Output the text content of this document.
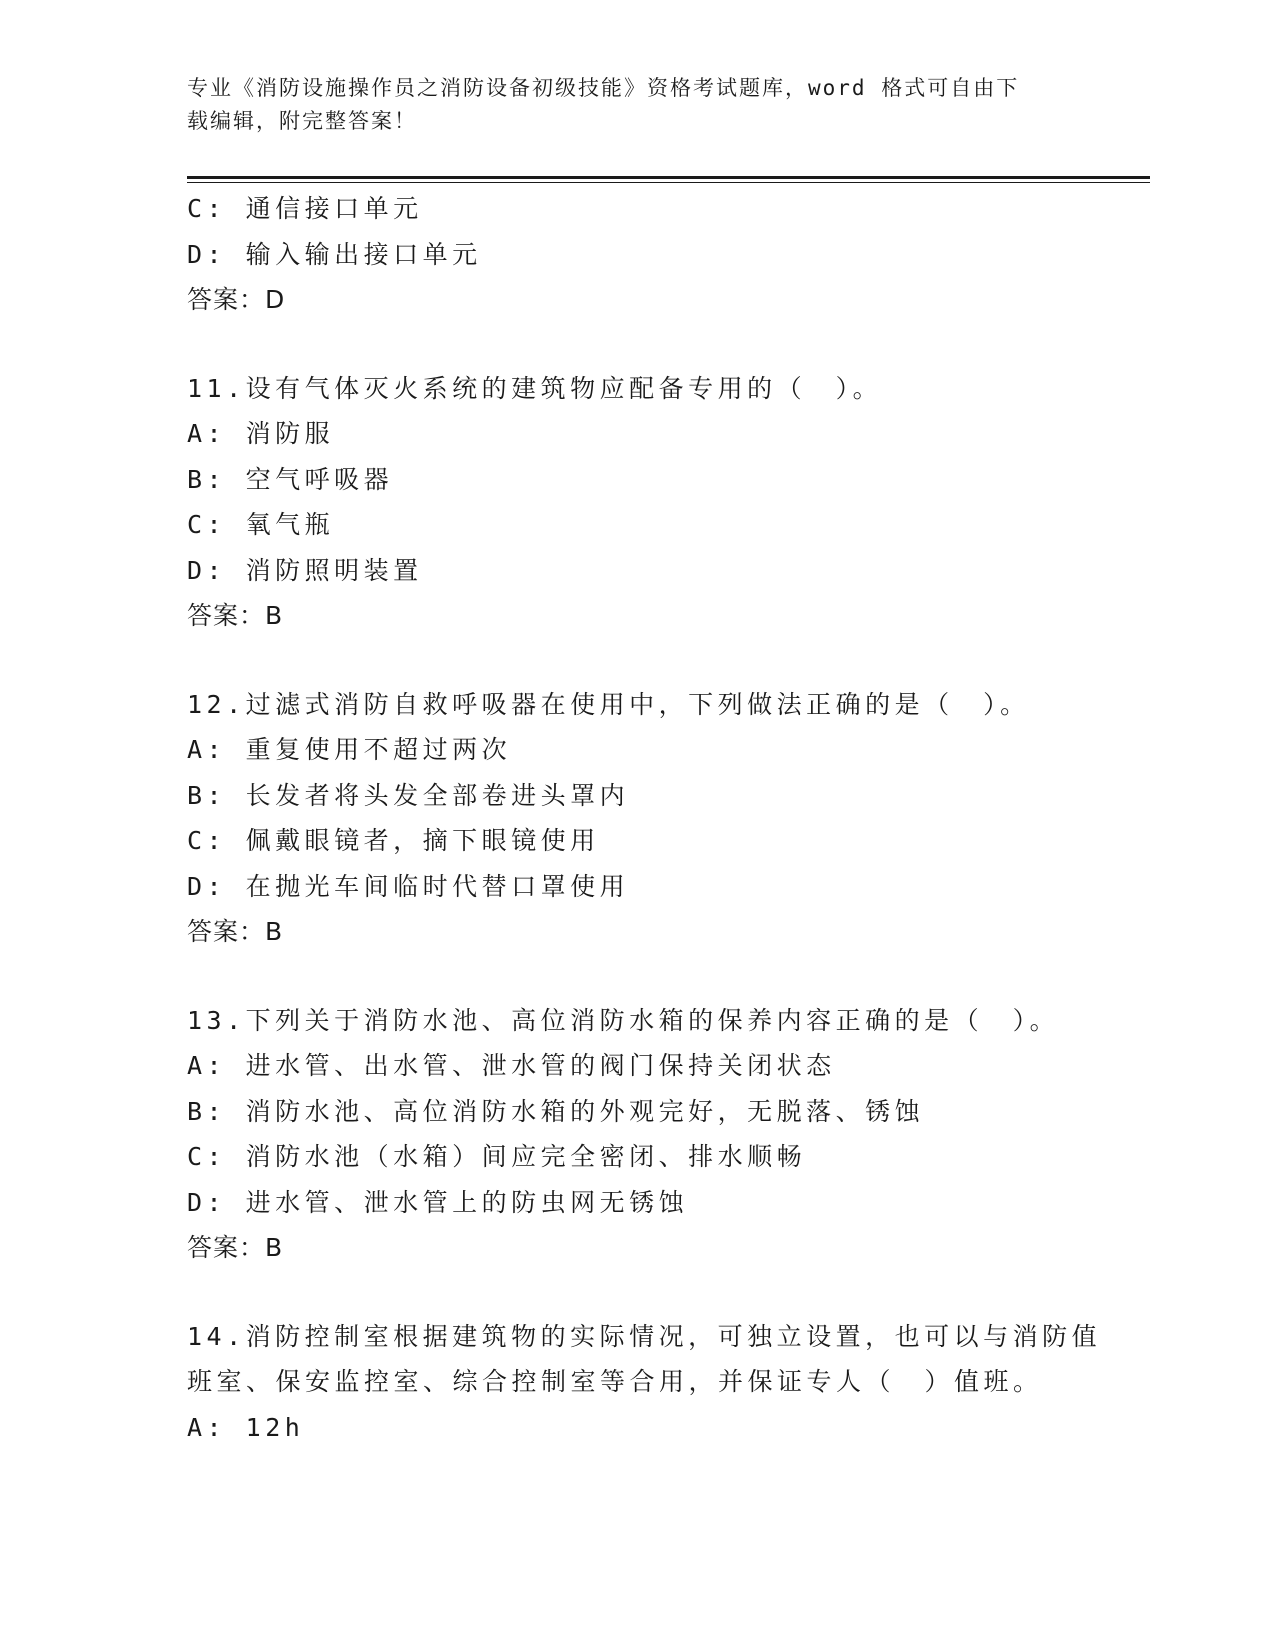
专业《消防设施操作员之消防设备初级技能》资格考试题库，word 格式可自由下
载编辑，附完整答案！
C: 通信接口单元
D: 输入输出接口单元
答案：D
11.设有气体灭火系统的建筑物应配备专用的（　）。
A: 消防服
B: 空气呼吸器
C: 氧气瓶
D: 消防照明装置
答案：B
12.过滤式消防自救呼吸器在使用中，下列做法正确的是（　）。
A: 重复使用不超过两次
B: 长发者将头发全部卷进头罩内
C: 佩戴眼镜者，摘下眼镜使用
D: 在抛光车间临时代替口罩使用
答案：B
13.下列关于消防水池、高位消防水箱的保养内容正确的是（　）。
A: 进水管、出水管、泄水管的阀门保持关闭状态
B: 消防水池、高位消防水箱的外观完好，无脱落、锈蚀
C: 消防水池（水箱）间应完全密闭、排水顺畅
D: 进水管、泄水管上的防虫网无锈蚀
答案：B
14.消防控制室根据建筑物的实际情况，可独立设置，也可以与消防值
班室、保安监控室、综合控制室等合用，并保证专人（　）值班。
A: 12h
